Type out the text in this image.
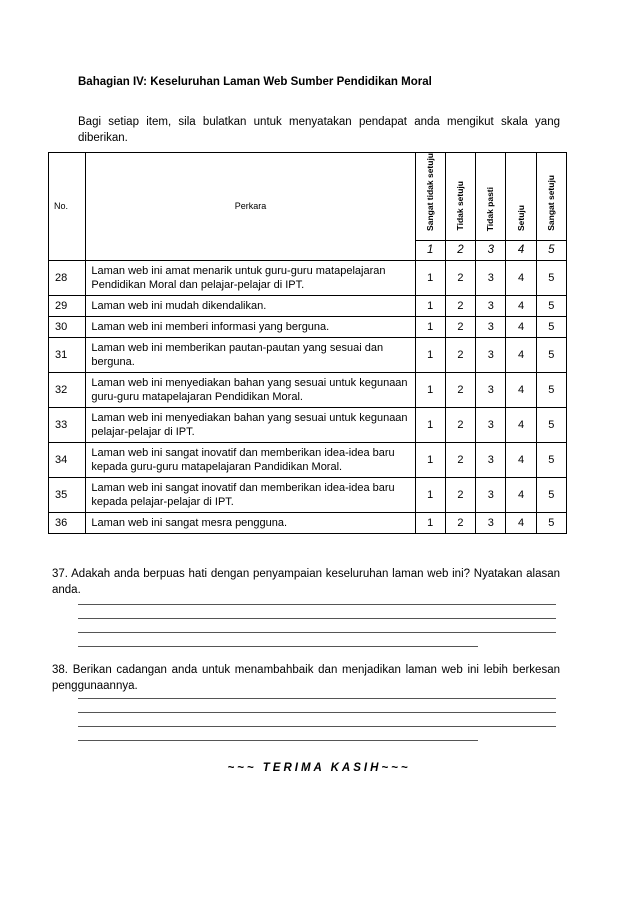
Bahagian IV: Keseluruhan Laman Web Sumber Pendidikan Moral
Bagi setiap item, sila bulatkan untuk menyatakan pendapat anda mengikut skala yang diberikan.
No.	Perkara	Sangat tidak setuju	Tidak setuju	Tidak pasti	Setuju	Sangat setuju
		1	2	3	4	5
28	Laman web ini amat menarik untuk guru-guru matapelajaran Pendidikan Moral dan pelajar-pelajar di IPT.	1	2	3	4	5
29	Laman web ini mudah dikendalikan.	1	2	3	4	5
30	Laman web ini memberi informasi yang berguna.	1	2	3	4	5
31	Laman web ini memberikan pautan-pautan yang sesuai dan berguna.	1	2	3	4	5
32	Laman web ini menyediakan bahan yang sesuai untuk kegunaan guru-guru matapelajaran Pendidikan Moral.	1	2	3	4	5
33	Laman web ini menyediakan bahan yang sesuai untuk kegunaan pelajar-pelajar di IPT.	1	2	3	4	5
34	Laman web ini sangat inovatif dan memberikan idea-idea baru kepada guru-guru matapelajaran Pandidikan Moral.	1	2	3	4	5
35	Laman web ini sangat inovatif dan memberikan idea-idea baru kepada pelajar-pelajar di IPT.	1	2	3	4	5
36	Laman web ini sangat mesra pengguna.	1	2	3	4	5
37. Adakah anda berpuas hati dengan penyampaian keseluruhan laman web ini? Nyatakan alasan anda.
38. Berikan cadangan anda untuk menambahbaik dan menjadikan laman web ini lebih berkesan penggunaannya.
~~~ TERIMA KASIH~~~
